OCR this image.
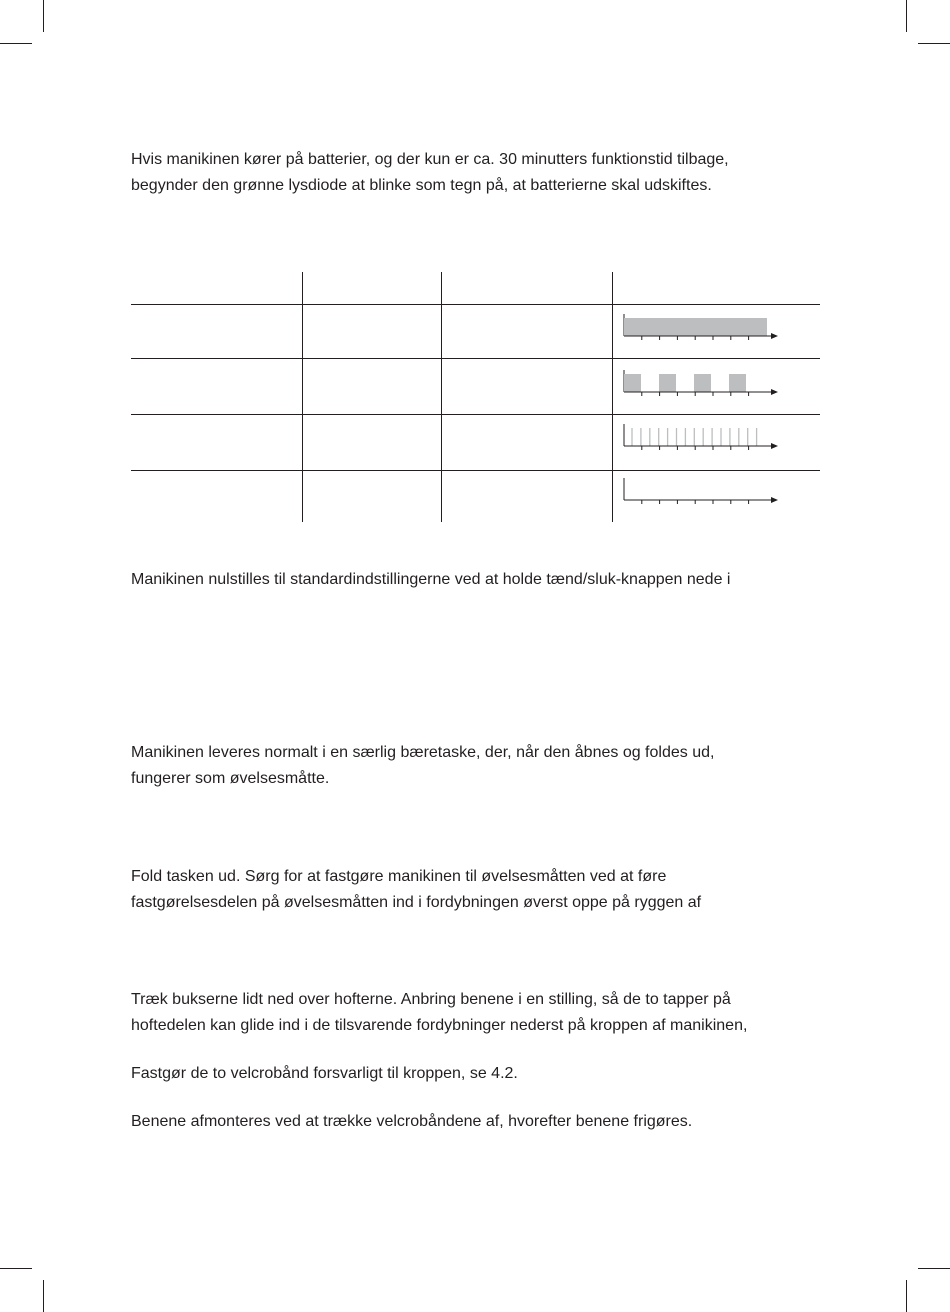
Hvis manikinen kører på batterier, og der kun er ca. 30 minutters funktionstid tilbage,
begynder den grønne lysdiode at blinke som tegn på, at batterierne skal udskiftes.

Manikinen nulstilles til standardindstillingerne ved at holde tænd/sluk-knappen nede i

Manikinen leveres normalt i en særlig bæretaske, der, når den åbnes og foldes ud,
fungerer som øvelsesmåtte.

Fold tasken ud. Sørg for at fastgøre manikinen til øvelsesmåtten ved at føre
fastgørelsesdelen på øvelsesmåtten ind i fordybningen øverst oppe på ryggen af

Træk bukserne lidt ned over hofterne. Anbring benene i en stilling, så de to tapper på
hoftedelen kan glide ind i de tilsvarende fordybninger nederst på kroppen af manikinen,

Fastgør de to velcrobånd forsvarligt til kroppen, se 4.2.

Benene afmonteres ved at trække velcrobåndene af, hvorefter benene frigøres.
